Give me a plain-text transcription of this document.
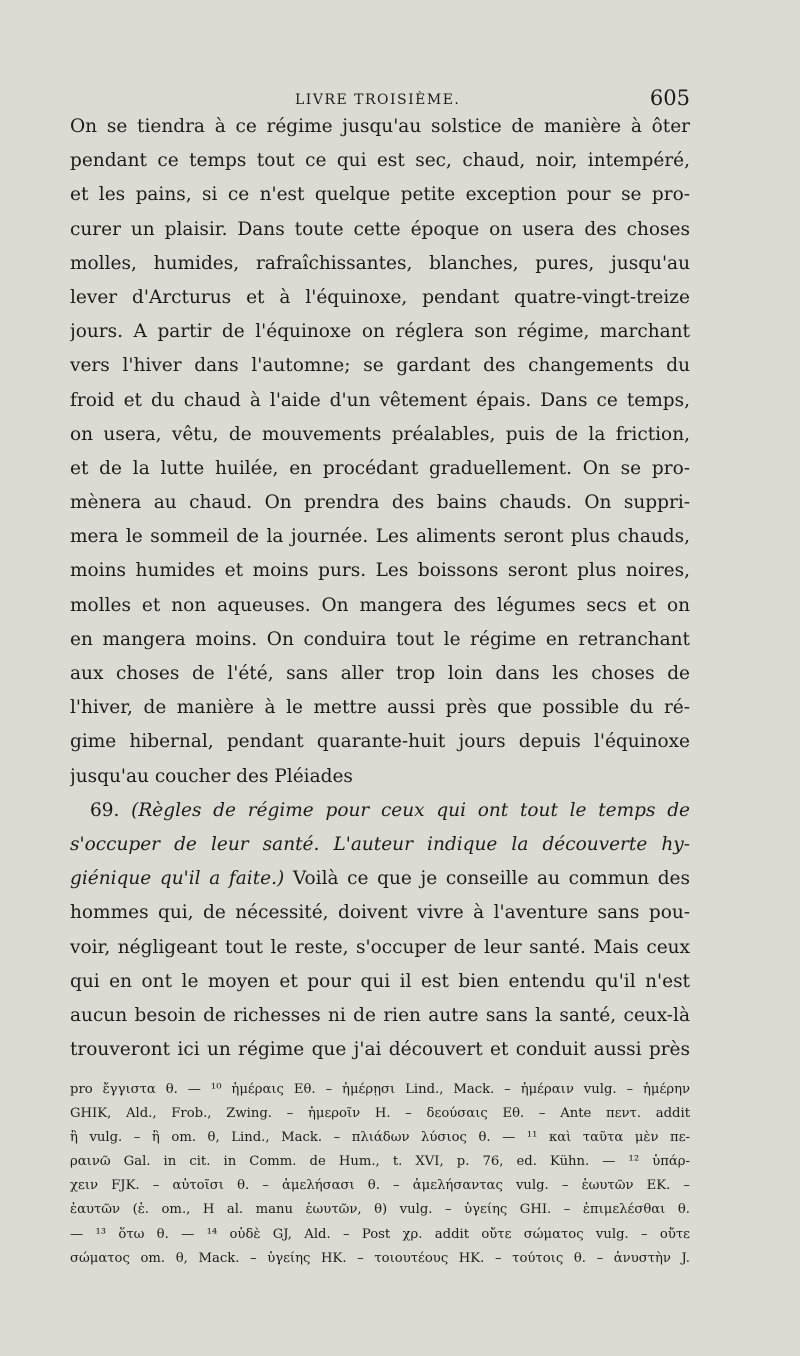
LIVRE TROISIÈME.	605
On se tiendra à ce régime jusqu'au solstice de manière à ôter
pendant ce temps tout ce qui est sec, chaud, noir, intempéré,
et les pains, si ce n'est quelque petite exception pour se pro-
curer un plaisir. Dans toute cette époque on usera des choses
molles, humides, rafraîchissantes, blanches, pures, jusqu'au
lever d'Arcturus et à l'équinoxe, pendant quatre-vingt-treize
jours. A partir de l'équinoxe on réglera son régime, marchant
vers l'hiver dans l'automne; se gardant des changements du
froid et du chaud à l'aide d'un vêtement épais. Dans ce temps,
on usera, vêtu, de mouvements préalables, puis de la friction,
et de la lutte huilée, en procédant graduellement. On se pro-
mènera au chaud. On prendra des bains chauds. On suppri-
mera le sommeil de la journée. Les aliments seront plus chauds,
moins humides et moins purs. Les boissons seront plus noires,
molles et non aqueuses. On mangera des légumes secs et on
en mangera moins. On conduira tout le régime en retranchant
aux choses de l'été, sans aller trop loin dans les choses de
l'hiver, de manière à le mettre aussi près que possible du ré-
gime hibernal, pendant quarante-huit jours depuis l'équinoxe
jusqu'au coucher des Pléiades
69. (Règles de régime pour ceux qui ont tout le temps de
s'occuper de leur santé. L'auteur indique la découverte hy-
giénique qu'il a faite.) Voilà ce que je conseille au commun des
hommes qui, de nécessité, doivent vivre à l'aventure sans pou-
voir, négligeant tout le reste, s'occuper de leur santé. Mais ceux
qui en ont le moyen et pour qui il est bien entendu qu'il n'est
aucun besoin de richesses ni de rien autre sans la santé, ceux-là
trouveront ici un régime que j'ai découvert et conduit aussi près
pro ἔγγιστα θ. — ¹⁰ ἡμέραις Εθ. – ἡμέρῃσι Lind., Mack. – ἡμέραιν vulg. – ἡμέρην
GHIK, Ald., Frob., Zwing. – ἡμεροῖν H. – δεούσαις Εθ. – Ante πεντ. addit
ἢ vulg. – ἢ om. θ, Lind., Mack. – πλιάδων λύσιος θ. — ¹¹ καὶ ταῦτα μὲν πε-
ραινῶ Gal. in cit. in Comm. de Hum., t. XVI, p. 76, ed. Kühn. — ¹² ὑπάρ-
χειν FJK. – αὐτοῖσι θ. – ἀμελήσασι θ. – ἀμελήσαντας vulg. – ἑωυτῶν EK. –
ἑαυτῶν (ἑ. om., H al. manu ἑωυτῶν, θ) vulg. – ὑγείης GHI. – ἐπιμελέσθαι θ.
— ¹³ ὅτω θ. — ¹⁴ οὐδὲ GJ, Ald. – Post χρ. addit οὔτε σώματος vulg. – οὔτε
σώματος om. θ, Mack. – ὑγείης HK. – τοιουτέους HK. – τούτοις θ. – ἀνυστὴν J.
